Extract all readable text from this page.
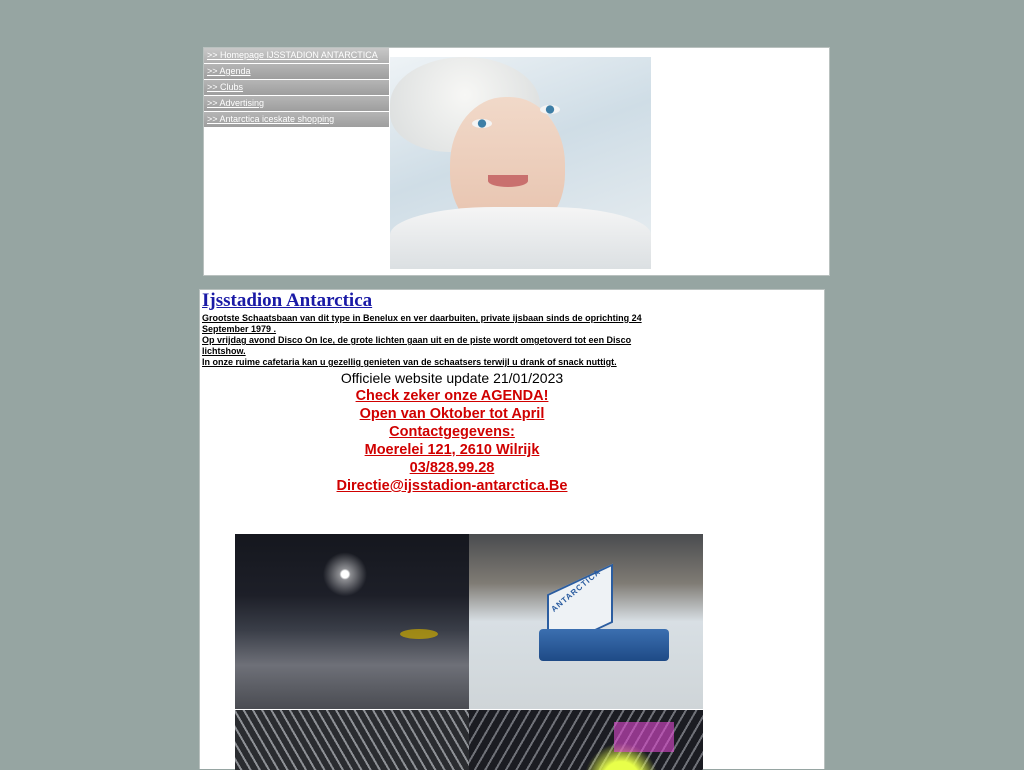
>> Homepage IJSSTADION ANTARCTICA
>> Agenda
>> Clubs
>> Advertising
>> Antarctica iceskate shopping
Ijsstadion Antarctica
Grootste Schaatsbaan van dit type in Benelux en ver daarbuiten, private ijsbaan sinds de oprichting 24 September 1979 .
Op vrijdag avond Disco On Ice, de grote lichten gaan uit en de piste wordt omgetoverd tot een Disco lichtshow.
In onze ruime cafetaria kan u gezellig genieten van de schaatsers terwijl u drank of snack nuttigt.
Officiele website update 21/01/2023
Check zeker onze AGENDA!
Open van Oktober tot April
Contactgegevens:
Moerelei 121, 2610 Wilrijk
03/828.99.28
Directie@ijsstadion-antarctica.Be
ANTARCTICA
